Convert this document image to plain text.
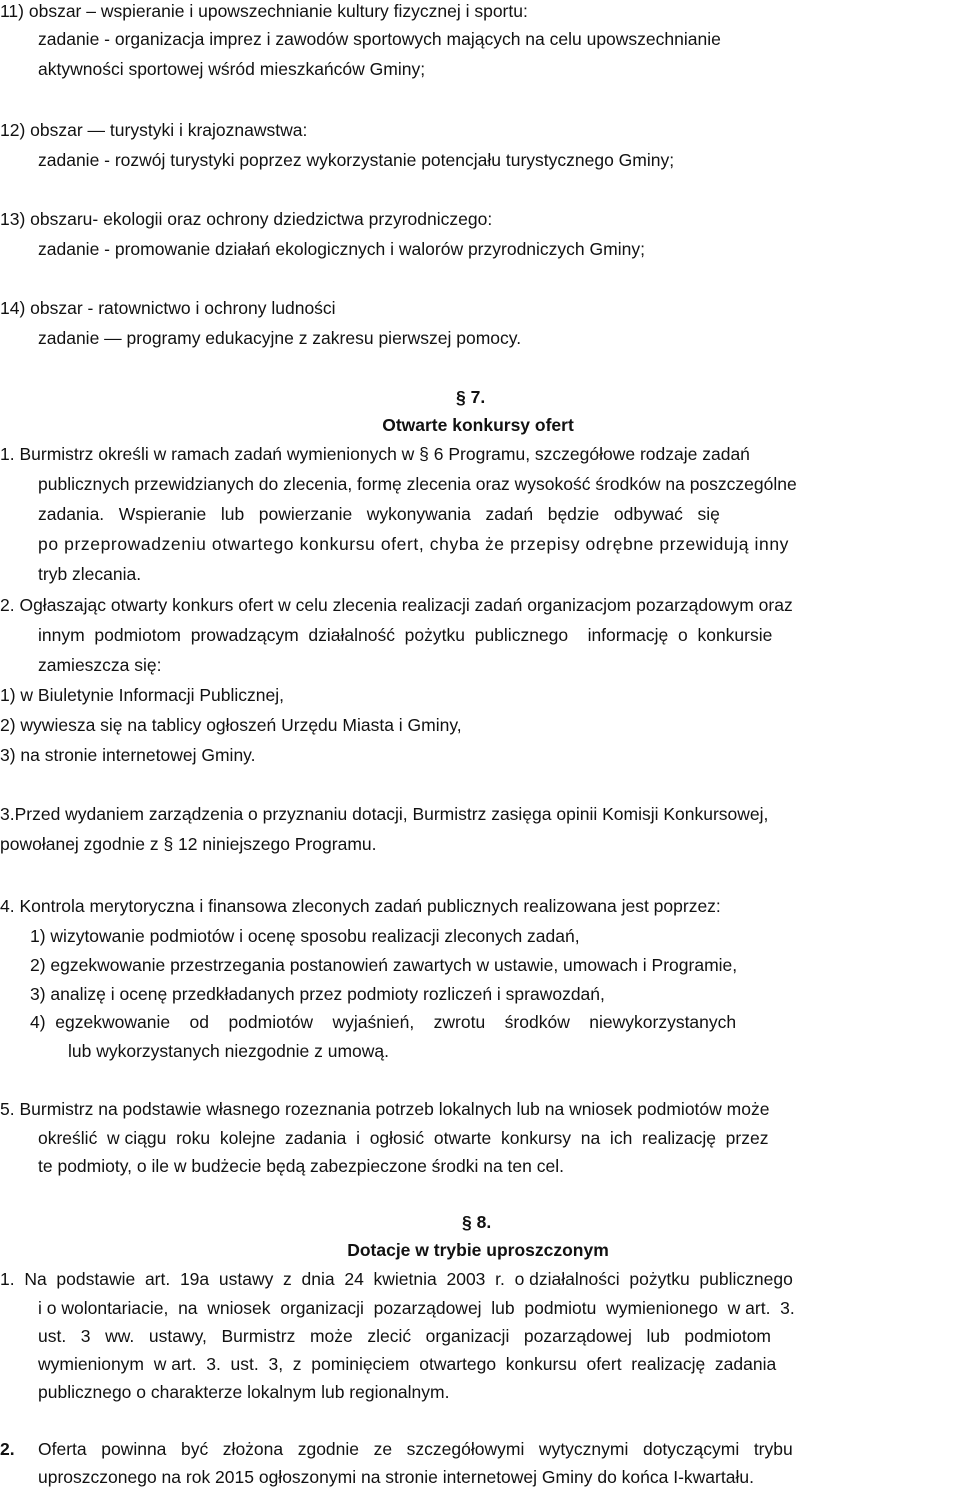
11) obszar – wspieranie i upowszechnianie kultury fizycznej i sportu:
zadanie - organizacja imprez i zawodów sportowych mających na celu upowszechnianie
aktywności sportowej wśród mieszkańców Gminy;
12) obszar — turystyki i krajoznawstwa:
zadanie - rozwój turystyki poprzez wykorzystanie potencjału turystycznego Gminy;
13) obszaru- ekologii oraz ochrony dziedzictwa przyrodniczego:
zadanie - promowanie działań ekologicznych i walorów przyrodniczych Gminy;
14) obszar - ratownictwo i ochrony ludności
zadanie — programy edukacyjne z zakresu pierwszej pomocy.
§ 7.
Otwarte konkursy ofert
1. Burmistrz określi w ramach zadań wymienionych w § 6 Programu, szczegółowe rodzaje zadań
publicznych przewidzianych do zlecenia, formę zlecenia oraz wysokość środków na poszczególne
zadania.   Wspieranie   lub   powierzanie   wykonywania   zadań   będzie   odbywać   się
po przeprowadzeniu otwartego konkursu ofert, chyba że przepisy odrębne przewidują inny
tryb zlecania.
2. Ogłaszając otwarty konkurs ofert w celu zlecenia realizacji zadań organizacjom pozarządowym oraz
innym  podmiotom  prowadzącym  działalność  pożytku  publicznego    informację  o  konkursie
zamieszcza się:
1) w Biuletynie Informacji Publicznej,
2) wywiesza się na tablicy ogłoszeń Urzędu Miasta i Gminy,
3) na stronie internetowej Gminy.
3.Przed wydaniem zarządzenia o przyznaniu dotacji, Burmistrz zasięga opinii Komisji Konkursowej,
powołanej zgodnie z § 12 niniejszego Programu.
4. Kontrola merytoryczna i finansowa zleconych zadań publicznych realizowana jest poprzez:
1) wizytowanie podmiotów i ocenę sposobu realizacji zleconych zadań,
2) egzekwowanie przestrzegania postanowień zawartych w ustawie, umowach i Programie,
3) analizę i ocenę przedkładanych przez podmioty rozliczeń i sprawozdań,
4)  egzekwowanie    od    podmiotów    wyjaśnień,    zwrotu    środków    niewykorzystanych
lub wykorzystanych niezgodnie z umową.
5. Burmistrz na podstawie własnego rozeznania potrzeb lokalnych lub na wniosek podmiotów może
określić  w ciągu  roku  kolejne  zadania  i  ogłosić  otwarte  konkursy  na  ich  realizację  przez
te podmioty, o ile w budżecie będą zabezpieczone środki na ten cel.
§ 8.
Dotacje w trybie uproszczonym
1.  Na  podstawie  art.  19a  ustawy  z  dnia  24  kwietnia  2003  r.  o działalności  pożytku  publicznego
i o wolontariacie,  na  wniosek  organizacji  pozarządowej  lub  podmiotu  wymienionego  w art.  3.
ust.   3   ww.   ustawy,   Burmistrz   może   zlecić   organizacji   pozarządowej   lub   podmiotom
wymienionym  w art.  3.  ust.  3,  z  pominięciem  otwartego  konkursu  ofert  realizację  zadania
publicznego o charakterze lokalnym lub regionalnym.
2. Oferta   powinna   być   złożona   zgodnie   ze   szczegółowymi   wytycznymi   dotyczącymi   trybu
uproszczonego na rok 2015 ogłoszonymi na stronie internetowej Gminy do końca I-kwartału.
